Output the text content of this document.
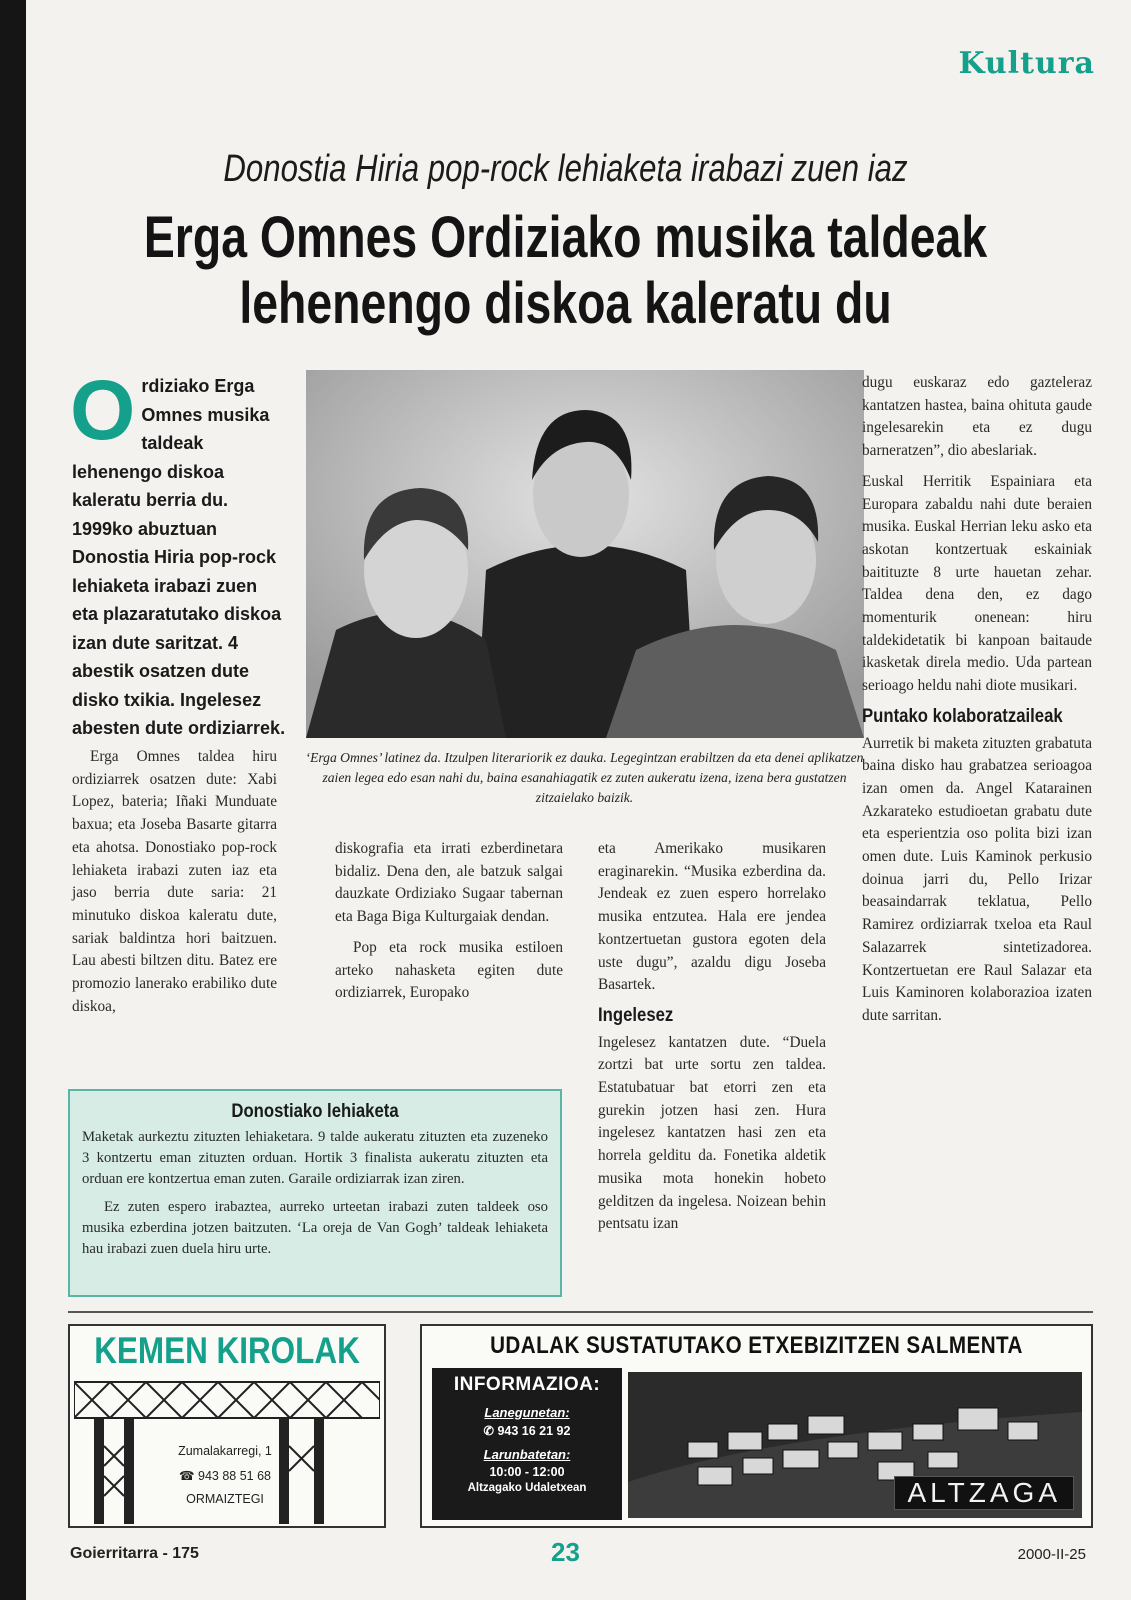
Kultura
Donostia Hiria pop-rock lehiaketa irabazi zuen iaz
Erga Omnes Ordiziako musika taldeak
lehenengo diskoa kaleratu du
Ordiziako Erga Omnes musika taldeak lehenengo diskoa kaleratu berria du. 1999ko abuztuan Donostia Hiria pop-rock lehiaketa irabazi zuen eta plazaratutako diskoa izan dute saritzat. 4 abestik osatzen dute disko txikia. Ingelesez abesten dute ordiziarrek.
‘Erga Omnes’ latinez da. Itzulpen literariorik ez dauka. Legegintzan erabiltzen da eta denei aplikatzen zaien legea edo esan nahi du, baina esanahiagatik ez zuten aukeratu izena, izena bera gustatzen zitzaielako baizik.

Erga Omnes taldea hiru ordiziarrek osatzen dute: Xabi Lopez, bateria; Iñaki Munduate baxua; eta Joseba Basarte gitarra eta ahotsa. Donostiako pop-rock lehiaketa irabazi zuten iaz eta jaso berria dute saria: 21 minutuko diskoa kaleratu dute, sariak baldintza hori baitzuen. Lau abesti biltzen ditu. Batez ere promozio lanerako erabiliko dute diskoa,

diskografia eta irrati ezberdinetara bidaliz. Dena den, ale batzuk salgai dauzkate Ordiziako Sugaar tabernan eta Baga Biga Kulturgaiak dendan.

Pop eta rock musika estiloen arteko nahasketa egiten dute ordiziarrek, Europako

eta Amerikako musikaren eraginarekin. “Musika ezberdina da. Jendeak ez zuen espero horrelako musika entzutea. Hala ere jendea kontzertuetan gustora egoten dela uste dugu”, azaldu digu Joseba Basartek.

Ingelesez

Ingelesez kantatzen dute. “Duela zortzi bat urte sortu zen taldea. Estatubatuar bat etorri zen eta gurekin jotzen hasi zen. Hura ingelesez kantatzen hasi zen eta horrela gelditu da. Fonetika aldetik musika mota honekin hobeto gelditzen da ingelesa. Noizean behin pentsatu izan

dugu euskaraz edo gazteleraz kantatzen hastea, baina ohituta gaude ingelesarekin eta ez dugu barneratzen”, dio abeslariak.

Euskal Herritik Espainiara eta Europara zabaldu nahi dute beraien musika. Euskal Herrian leku asko eta askotan kontzertuak eskainiak baitituzte 8 urte hauetan zehar. Taldea dena den, ez dago momenturik onenean: hiru taldekidetatik bi kanpoan baitaude ikasketak direla medio. Uda partean serioago heldu nahi diote musikari.

Puntako kolaboratzaileak

Aurretik bi maketa zituzten grabatuta baina disko hau grabatzea serioagoa izan omen da. Angel Katarainen Azkarateko estudioetan grabatu dute eta esperientzia oso polita bizi izan omen dute. Luis Kaminok perkusio doinua jarri du, Pello Irizar beasaindarrak teklatua, Pello Ramirez ordiziarrak txeloa eta Raul Salazarrek sintetizadorea. Kontzertuetan ere Raul Salazar eta Luis Kaminoren kolaborazioa izaten dute sarritan.

Donostiako lehiaketa

Maketak aurkeztu zituzten lehiaketara. 9 talde aukeratu zituzten eta zuzeneko 3 kontzertu eman zituzten orduan. Hortik 3 finalista aukeratu zituzten eta orduan ere kontzertua eman zuten. Garaile ordiziarrak izan ziren.

Ez zuten espero irabaztea, aurreko urteetan irabazi zuten taldeek oso musika ezberdina jotzen baitzuten. ‘La oreja de Van Gogh’ taldeak lehiaketa hau irabazi zuen duela hiru urte.

KEMEN KIROLAK
Zumalakarregi, 1
☎ 943 88 51 68
ORMAIZTEGI
UDALAK SUSTATUTAKO ETXEBIZITZEN SALMENTA
INFORMAZIOA:
Lanegunetan:
✆ 943 16 21 92
Larunbatetan:
10:00 - 12:00
Altzagako Udaletxean	ALTZAGA
Goierritarra - 175	23	2000-II-25
